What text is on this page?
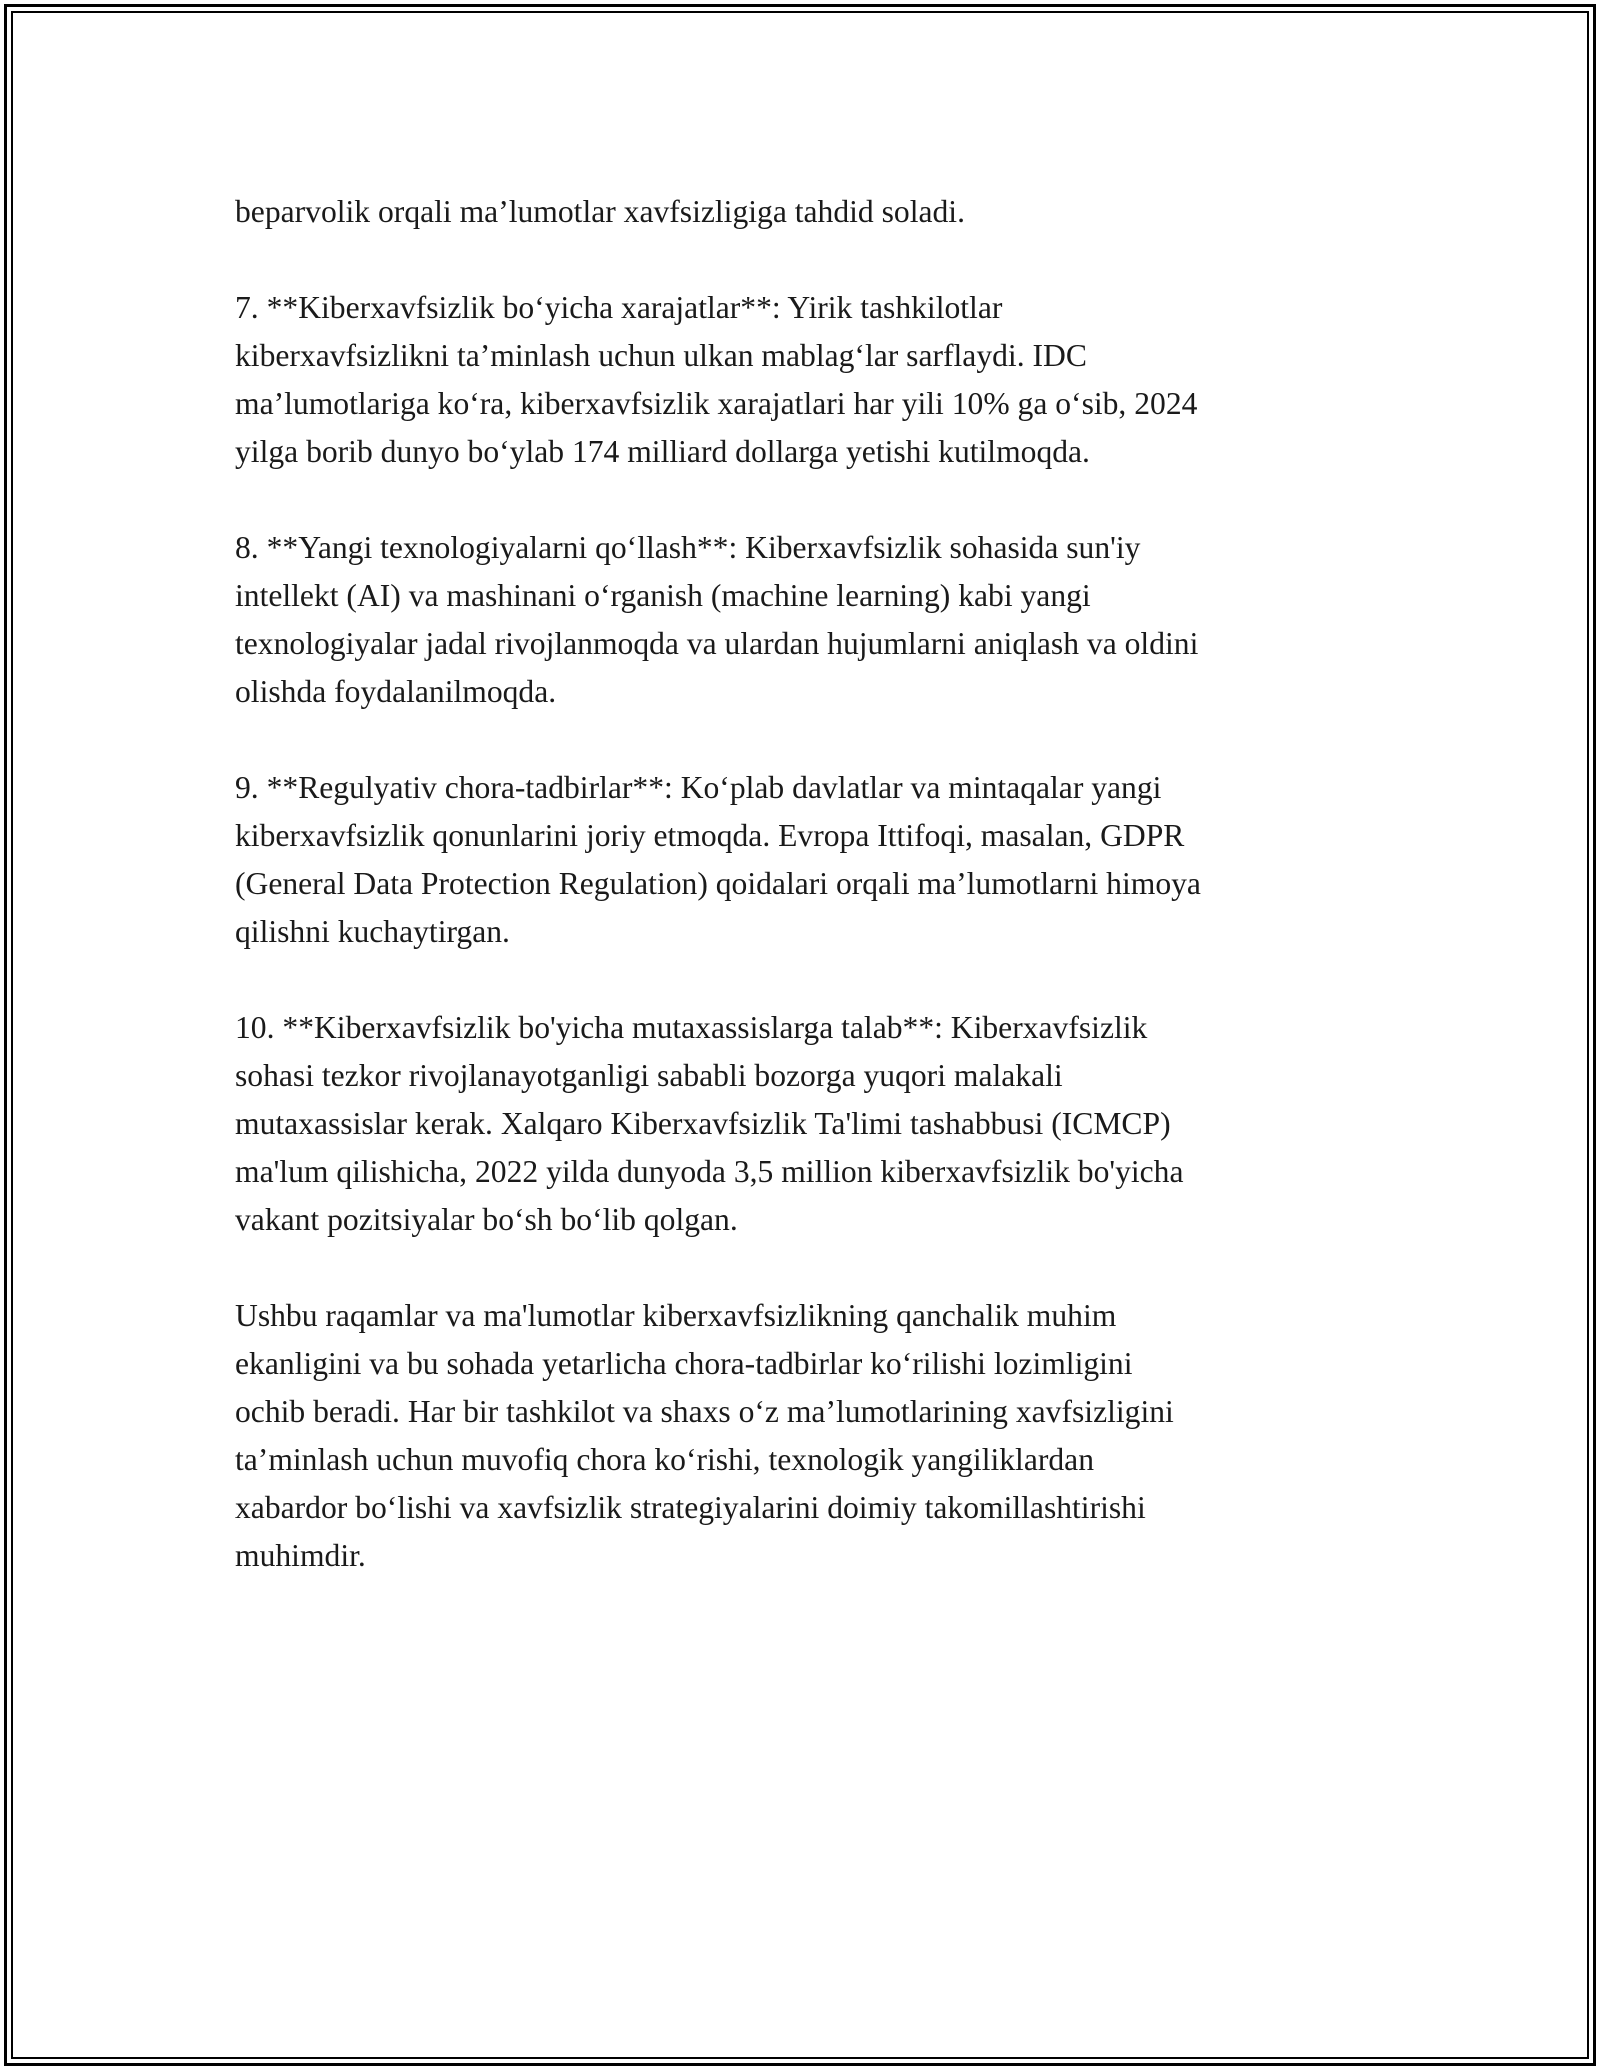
beparvolik orqali ma’lumotlar xavfsizligiga tahdid soladi.

7. **Kiberxavfsizlik bo‘yicha xarajatlar**: Yirik tashkilotlar
kiberxavfsizlikni ta’minlash uchun ulkan mablag‘lar sarflaydi. IDC
ma’lumotlariga ko‘ra, kiberxavfsizlik xarajatlari har yili 10% ga o‘sib, 2024
yilga borib dunyo bo‘ylab 174 milliard dollarga yetishi kutilmoqda.

8. **Yangi texnologiyalarni qo‘llash**: Kiberxavfsizlik sohasida sun'iy
intellekt (AI) va mashinani o‘rganish (machine learning) kabi yangi
texnologiyalar jadal rivojlanmoqda va ulardan hujumlarni aniqlash va oldini
olishda foydalanilmoqda.

9. **Regulyativ chora-tadbirlar**: Ko‘plab davlatlar va mintaqalar yangi
kiberxavfsizlik qonunlarini joriy etmoqda. Evropa Ittifoqi, masalan, GDPR
(General Data Protection Regulation) qoidalari orqali ma’lumotlarni himoya
qilishni kuchaytirgan.

10. **Kiberxavfsizlik bo'yicha mutaxassislarga talab**: Kiberxavfsizlik
sohasi tezkor rivojlanayotganligi sababli bozorga yuqori malakali
mutaxassislar kerak. Xalqaro Kiberxavfsizlik Ta'limi tashabbusi (ICMCP)
ma'lum qilishicha, 2022 yilda dunyoda 3,5 million kiberxavfsizlik bo'yicha
vakant pozitsiyalar bo‘sh bo‘lib qolgan.

Ushbu raqamlar va ma'lumotlar kiberxavfsizlikning qanchalik muhim
ekanligini va bu sohada yetarlicha chora-tadbirlar ko‘rilishi lozimligini
ochib beradi. Har bir tashkilot va shaxs o‘z ma’lumotlarining xavfsizligini
ta’minlash uchun muvofiq chora ko‘rishi, texnologik yangiliklardan
xabardor bo‘lishi va xavfsizlik strategiyalarini doimiy takomillashtirishi
muhimdir.
